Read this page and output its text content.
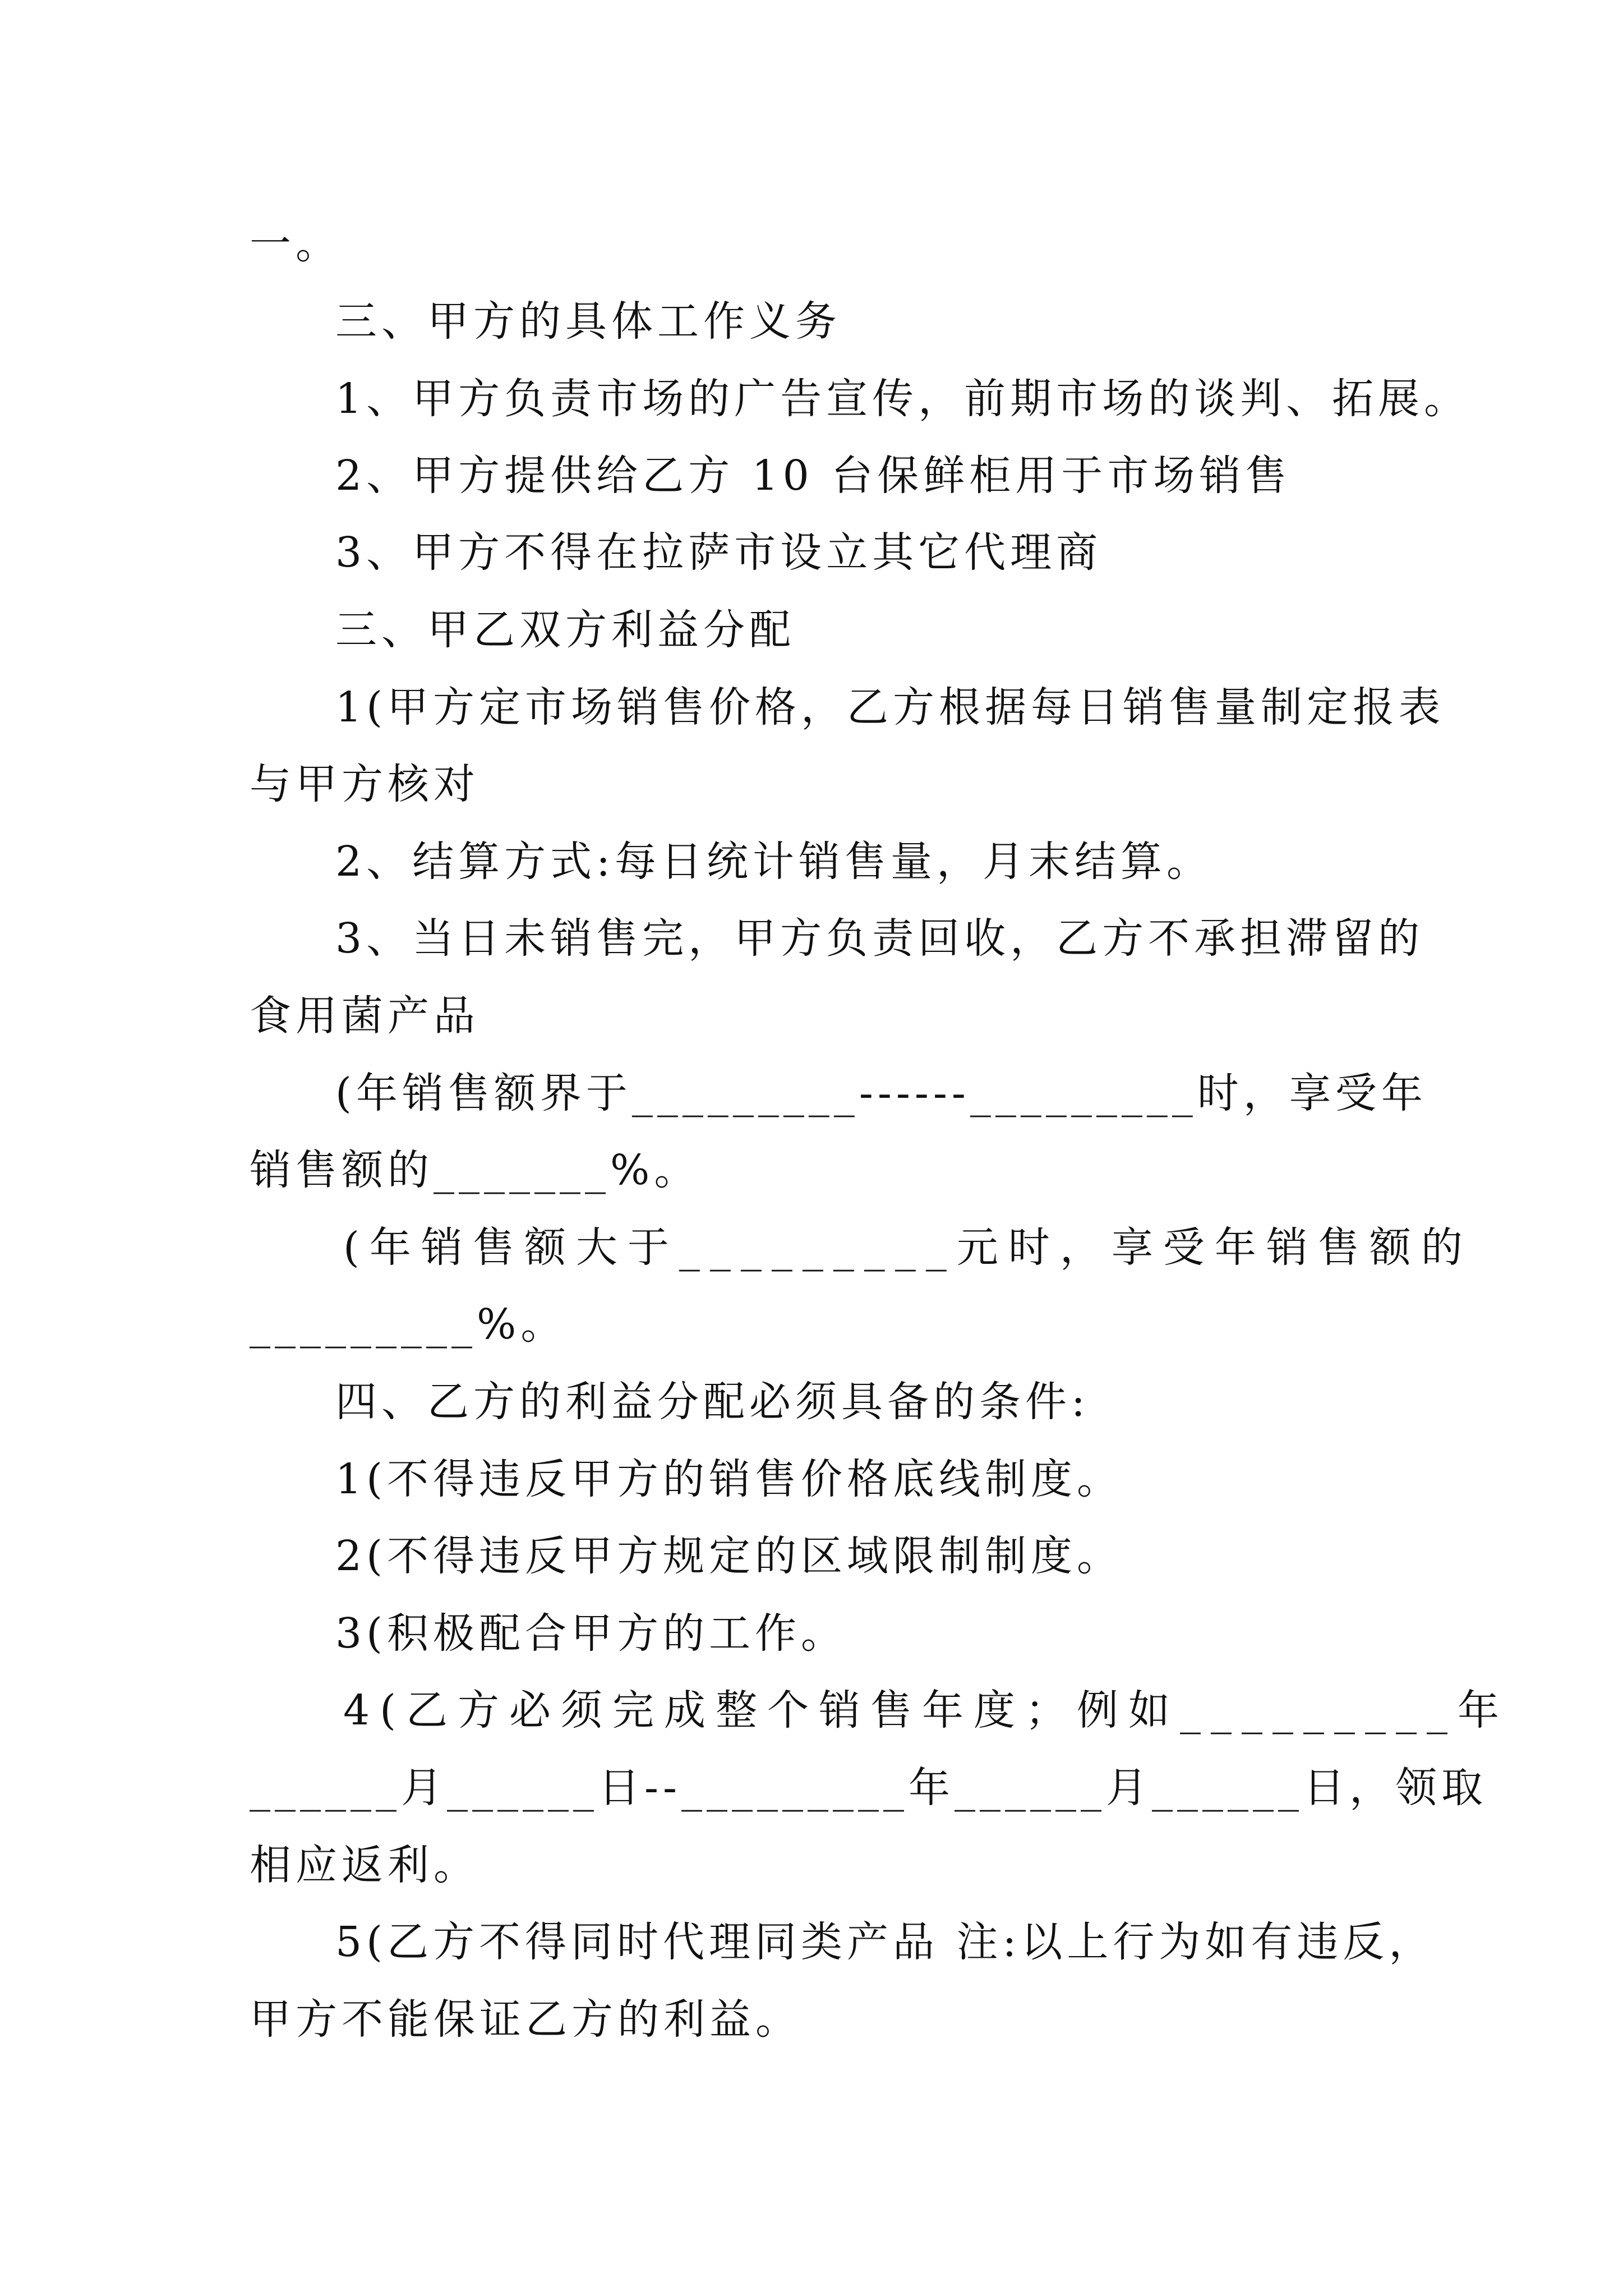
一。
三、甲方的具体工作义务
1、甲方负责市场的广告宣传，前期市场的谈判、拓展。
2、甲方提供给乙方 10 台保鲜柜用于市场销售
3、甲方不得在拉萨市设立其它代理商
三、甲乙双方利益分配
1(甲方定市场销售价格，乙方根据每日销售量制定报表
与甲方核对
2、结算方式:每日统计销售量，月末结算。
3、当日未销售完，甲方负责回收，乙方不承担滞留的
食用菌产品
(年销售额界于_________------_________时，享受年
销售额的_______%。
(年销售额大于_________元时，享受年销售额的
_________%。
四、乙方的利益分配必须具备的条件:
1(不得违反甲方的销售价格底线制度。
2(不得违反甲方规定的区域限制制度。
3(积极配合甲方的工作。
4(乙方必须完成整个销售年度；例如_________年
______月______日--_________年______月______日，领取
相应返利。
5(乙方不得同时代理同类产品 注:以上行为如有违反，
甲方不能保证乙方的利益。
